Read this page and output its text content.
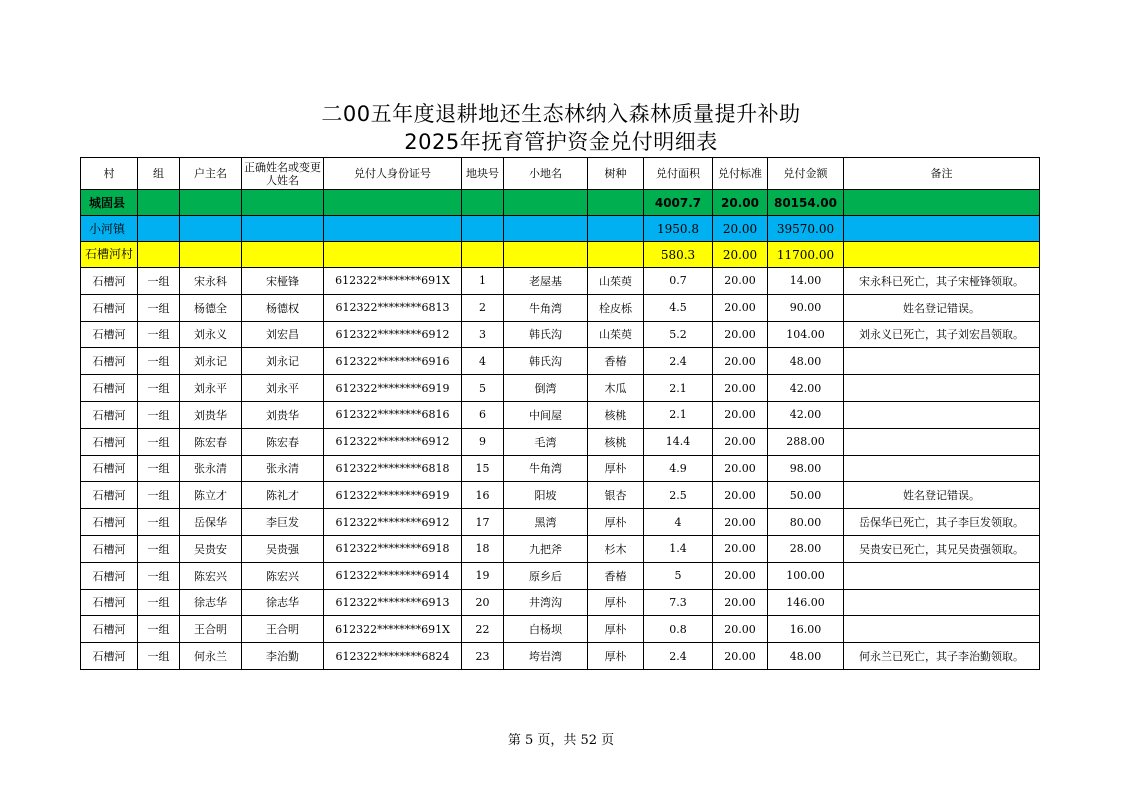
二00五年度退耕地还生态林纳入森林质量提升补助
2025年抚育管护资金兑付明细表
村	组	户主名	正确姓名或变更人姓名	兑付人身份证号	地块号	小地名	树种	兑付面积	兑付标准	兑付金额	备注
城固县								4007.7	20.00	80154.00	
小河镇								1950.8	20.00	39570.00	
石槽河村								580.3	20.00	11700.00	
石槽河	一组	宋永科	宋桠锋	612322********691X	1	老屋基	山茱萸	0.7	20.00	14.00	宋永科已死亡，其子宋桠锋领取。
石槽河	一组	杨德全	杨德权	612322********6813	2	牛角湾	栓皮栎	4.5	20.00	90.00	姓名登记错误。
石槽河	一组	刘永义	刘宏昌	612322********6912	3	韩氏沟	山茱萸	5.2	20.00	104.00	刘永义已死亡，其子刘宏昌领取。
石槽河	一组	刘永记	刘永记	612322********6916	4	韩氏沟	香椿	2.4	20.00	48.00	
石槽河	一组	刘永平	刘永平	612322********6919	5	倒湾	木瓜	2.1	20.00	42.00	
石槽河	一组	刘贵华	刘贵华	612322********6816	6	中间屋	核桃	2.1	20.00	42.00	
石槽河	一组	陈宏春	陈宏春	612322********6912	9	毛湾	核桃	14.4	20.00	288.00	
石槽河	一组	张永清	张永清	612322********6818	15	牛角湾	厚朴	4.9	20.00	98.00	
石槽河	一组	陈立才	陈礼才	612322********6919	16	阳坡	银杏	2.5	20.00	50.00	姓名登记错误。
石槽河	一组	岳保华	李巨发	612322********6912	17	黑湾	厚朴	4	20.00	80.00	岳保华已死亡，其子李巨发领取。
石槽河	一组	吴贵安	吴贵强	612322********6918	18	九把斧	杉木	1.4	20.00	28.00	吴贵安已死亡，其兄吴贵强领取。
石槽河	一组	陈宏兴	陈宏兴	612322********6914	19	原乡后	香椿	5	20.00	100.00	
石槽河	一组	徐志华	徐志华	612322********6913	20	井湾沟	厚朴	7.3	20.00	146.00	
石槽河	一组	王合明	王合明	612322********691X	22	白杨坝	厚朴	0.8	20.00	16.00	
石槽河	一组	何永兰	李治勤	612322********6824	23	垮岩湾	厚朴	2.4	20.00	48.00	何永兰已死亡，其子李治勤领取。
第 5 页，共 52 页
